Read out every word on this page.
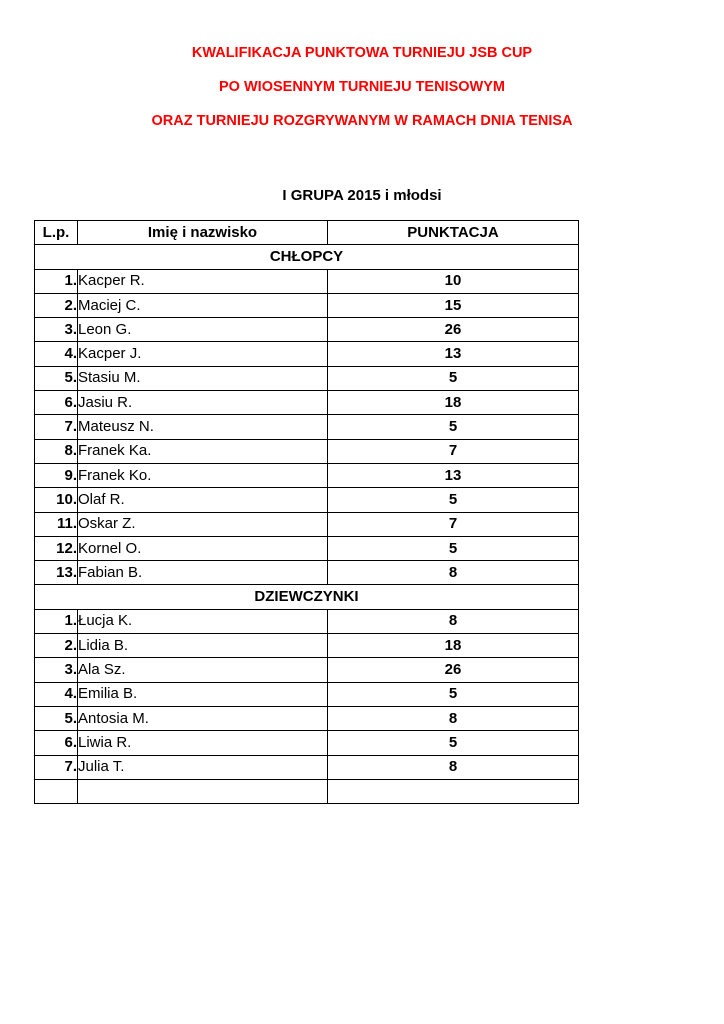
KWALIFIKACJA PUNKTOWA TURNIEJU JSB CUP
PO WIOSENNYM TURNIEJU TENISOWYM
ORAZ TURNIEJU ROZGRYWANYM W RAMACH DNIA TENISA
I GRUPA 2015 i młodsi
L.p.	Imię i nazwisko	PUNKTACJA
CHŁOPCY		
1.	Kacper R.	10
2.	Maciej C.	15
3.	Leon G.	26
4.	Kacper J.	13
5.	Stasiu M.	5
6.	Jasiu R.	18
7.	Mateusz N.	5
8.	Franek Ka.	7
9.	Franek Ko.	13
10.	Olaf R.	5
11.	Oskar Z.	7
12.	Kornel O.	5
13.	Fabian B.	8
DZIEWCZYNKI		
1.	Łucja K.	8
2.	Lidia B.	18
3.	Ala Sz.	26
4.	Emilia B.	5
5.	Antosia M.	8
6.	Liwia R.	5
7.	Julia T.	8
